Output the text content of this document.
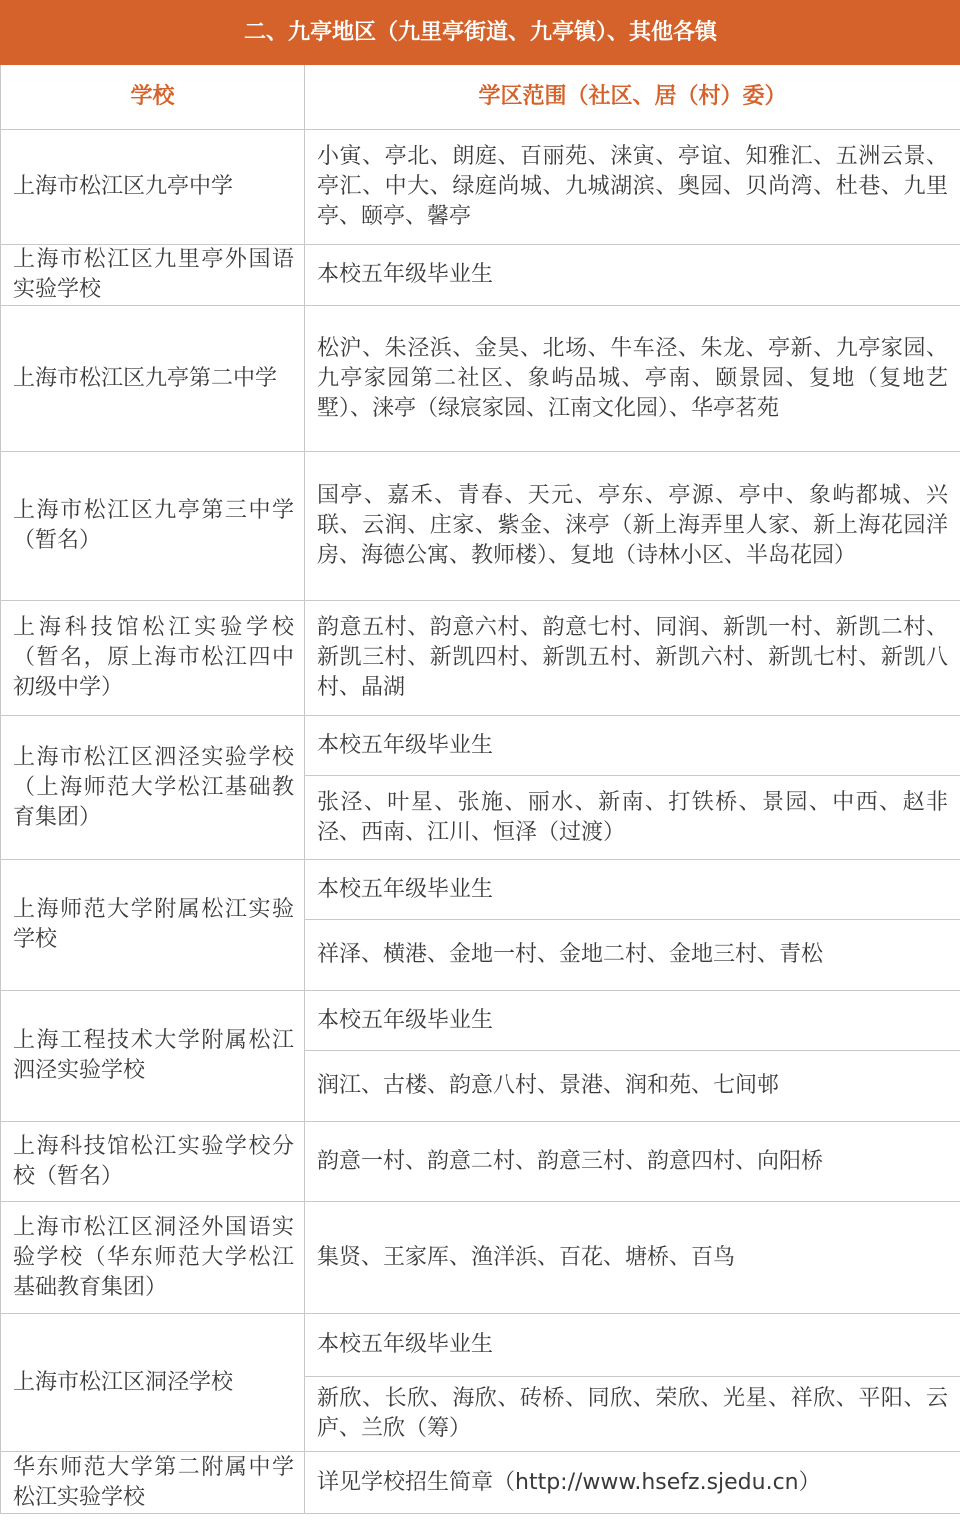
二、九亭地区（九里亭街道、九亭镇）、其他各镇	
学校	学区范围（社区、居（村）委）
上海市松江区九亭中学	小寅、亭北、朗庭、百丽苑、涞寅、亭谊、知雅汇、五洲云景、亭汇、中大、绿庭尚城、九城湖滨、奥园、贝尚湾、杜巷、九里亭、颐亭、馨亭
上海市松江区九里亭外国语实验学校	本校五年级毕业生
上海市松江区九亭第二中学	松沪、朱泾浜、金昊、北场、牛车泾、朱龙、亭新、九亭家园、九亭家园第二社区、象屿品城、亭南、颐景园、复地（复地艺墅）、涞亭（绿宸家园、江南文化园）、华亭茗苑
上海市松江区九亭第三中学（暂名）	国亭、嘉禾、青春、天元、亭东、亭源、亭中、象屿都城、兴联、云润、庄家、紫金、涞亭（新上海弄里人家、新上海花园洋房、海德公寓、教师楼）、复地（诗林小区、半岛花园）
上海科技馆松江实验学校（暂名，原上海市松江四中初级中学）	韵意五村、韵意六村、韵意七村、同润、新凯一村、新凯二村、新凯三村、新凯四村、新凯五村、新凯六村、新凯七村、新凯八村、晶湖
上海市松江区泗泾实验学校（上海师范大学松江基础教育集团）	本校五年级毕业生
	张泾、叶星、张施、丽水、新南、打铁桥、景园、中西、赵非泾、西南、江川、恒泽（过渡）
上海师范大学附属松江实验学校	本校五年级毕业生
	祥泽、横港、金地一村、金地二村、金地三村、青松
上海工程技术大学附属松江泗泾实验学校	本校五年级毕业生
	润江、古楼、韵意八村、景港、润和苑、七间邨
上海科技馆松江实验学校分校（暂名）	韵意一村、韵意二村、韵意三村、韵意四村、向阳桥
上海市松江区洞泾外国语实验学校（华东师范大学松江基础教育集团）	集贤、王家厍、渔洋浜、百花、塘桥、百鸟
上海市松江区洞泾学校	本校五年级毕业生
	新欣、长欣、海欣、砖桥、同欣、荣欣、光星、祥欣、平阳、云庐、兰欣（筹）
华东师范大学第二附属中学松江实验学校	详见学校招生简章（http://www.hsefz.sjedu.cn）
